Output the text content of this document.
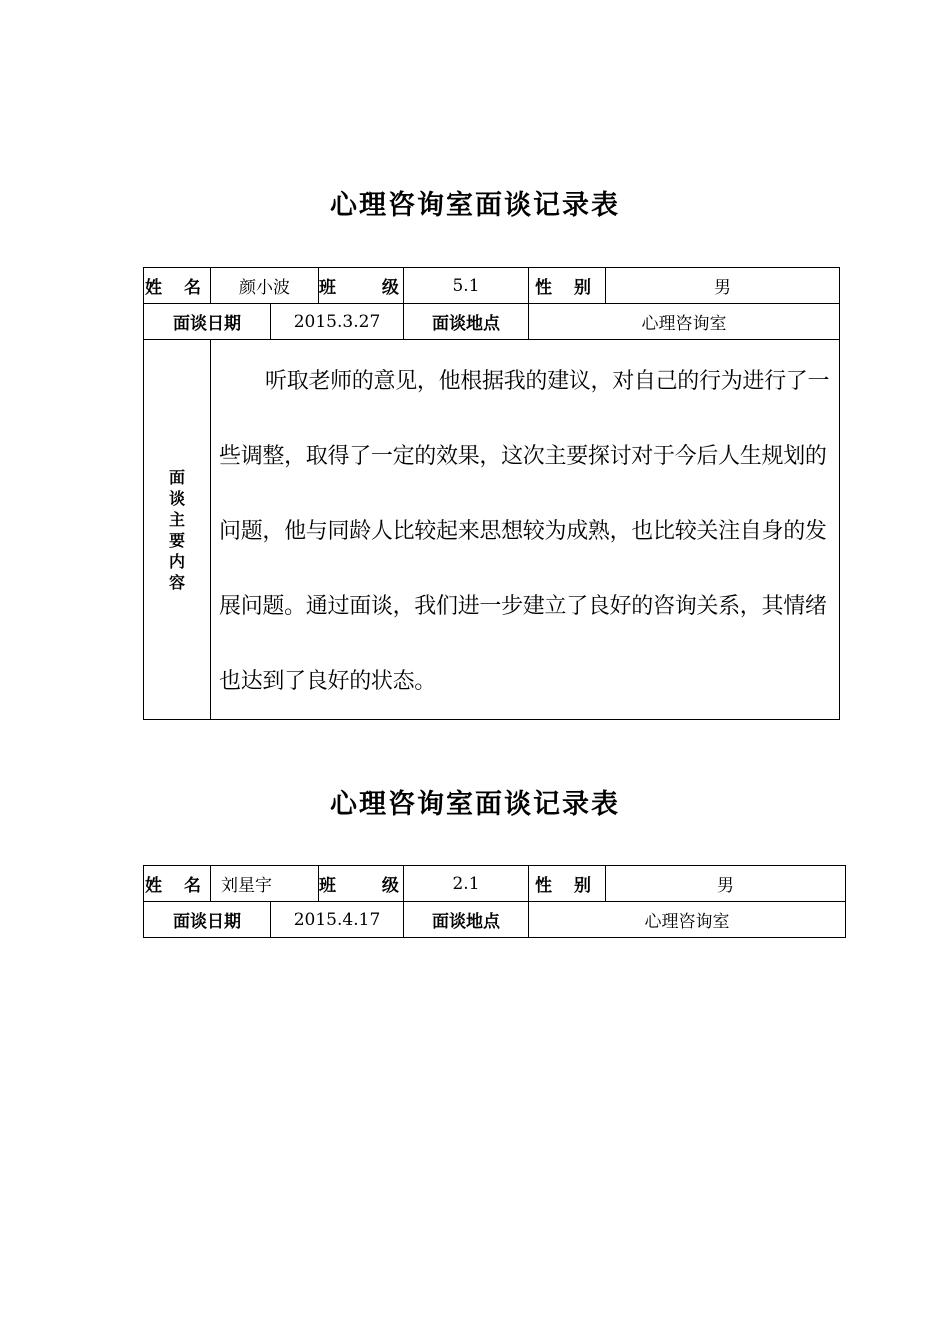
心理咨询室面谈记录表
姓 名	颜小波		班 级	5.1	性 别	男
面谈日期		2015.3.27		面谈地点	心理咨询室	

面谈主要内容	听取老师的意见，他根据我的建议，对自己的行为进行了一些调整，取得了一定的效果，这次主要探讨对于今后人生规划的问题，他与同龄人比较起来思想较为成熟，也比较关注自身的发展问题。通过面谈，我们进一步建立了良好的咨询关系，其情绪也达到了良好的状态。					
心理咨询室面谈记录表
姓 名	刘星宇		班 级	2.1	性 别	男
面谈日期		2015.4.17		面谈地点	心理咨询室	
